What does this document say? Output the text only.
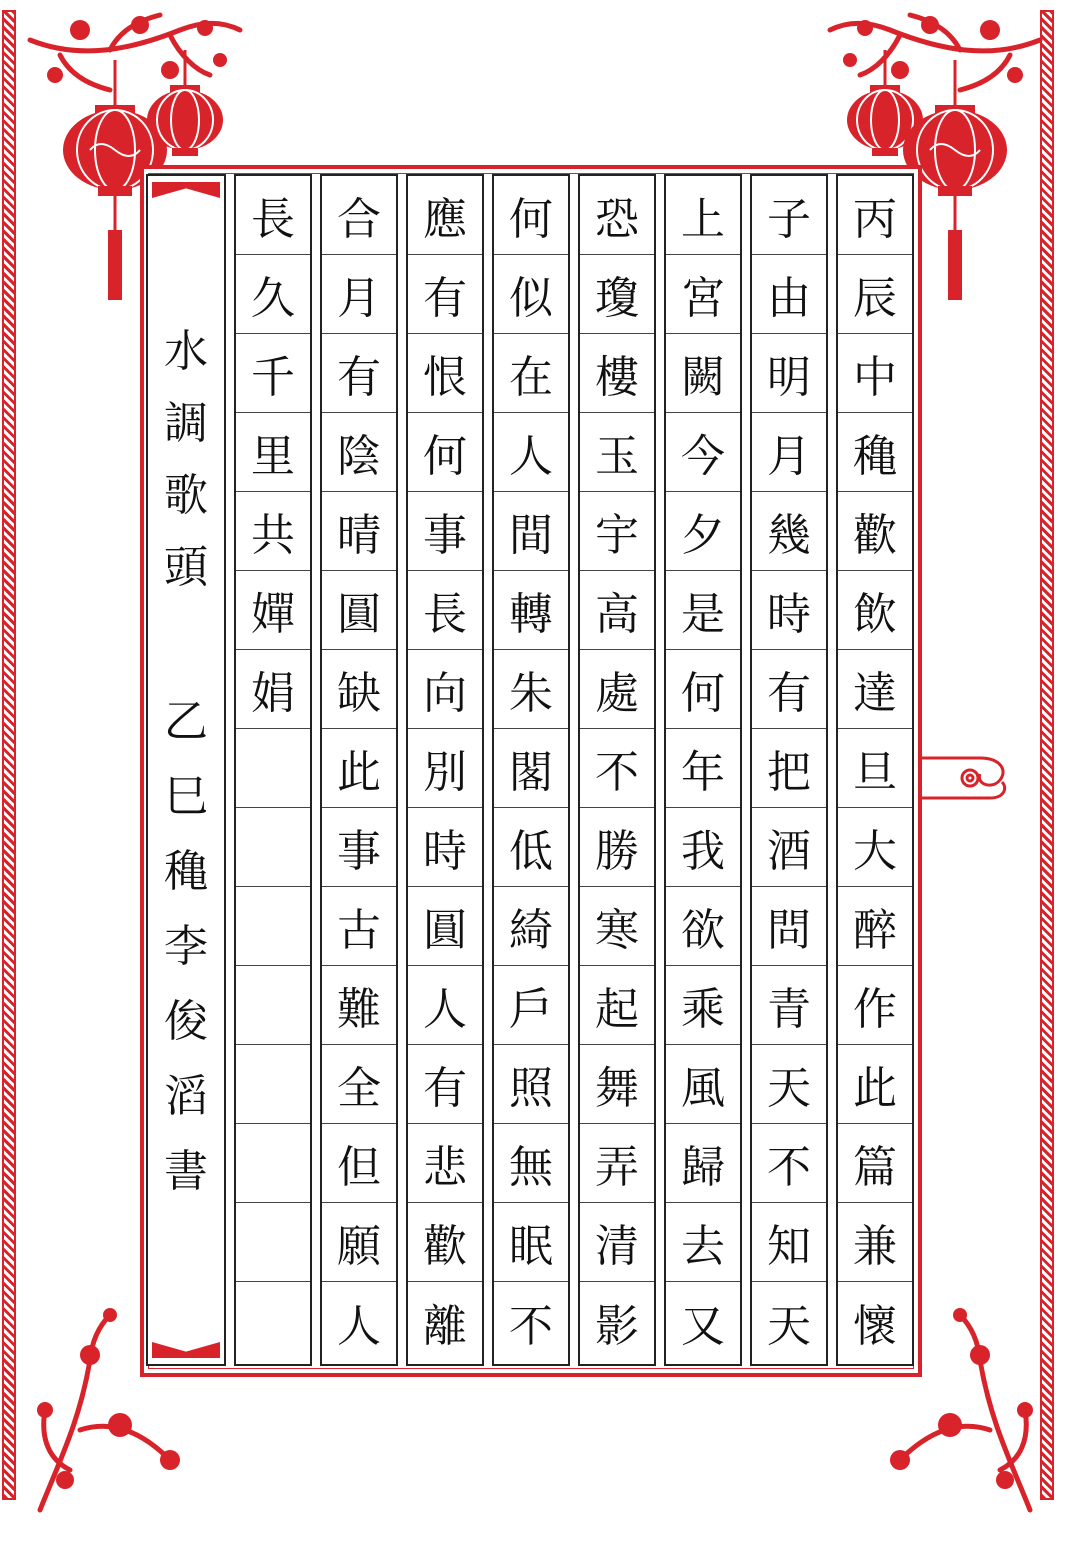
水
調
歌
頭
乙
巳
穐
李
俊
滔
書
丙
辰
中
穐
歡
飲
達
旦
大
醉
作
此
篇
兼
懷
子
由
明
月
幾
時
有
把
酒
問
青
天
不
知
天
上
宮
闕
今
夕
是
何
年
我
欲
乘
風
歸
去
又
恐
瓊
樓
玉
宇
高
處
不
勝
寒
起
舞
弄
清
影
何
似
在
人
間
轉
朱
閣
低
綺
戶
照
無
眠
不
應
有
恨
何
事
長
向
別
時
圓
人
有
悲
歡
離
合
月
有
陰
晴
圓
缺
此
事
古
難
全
但
願
人
長
久
千
里
共
嬋
娟
